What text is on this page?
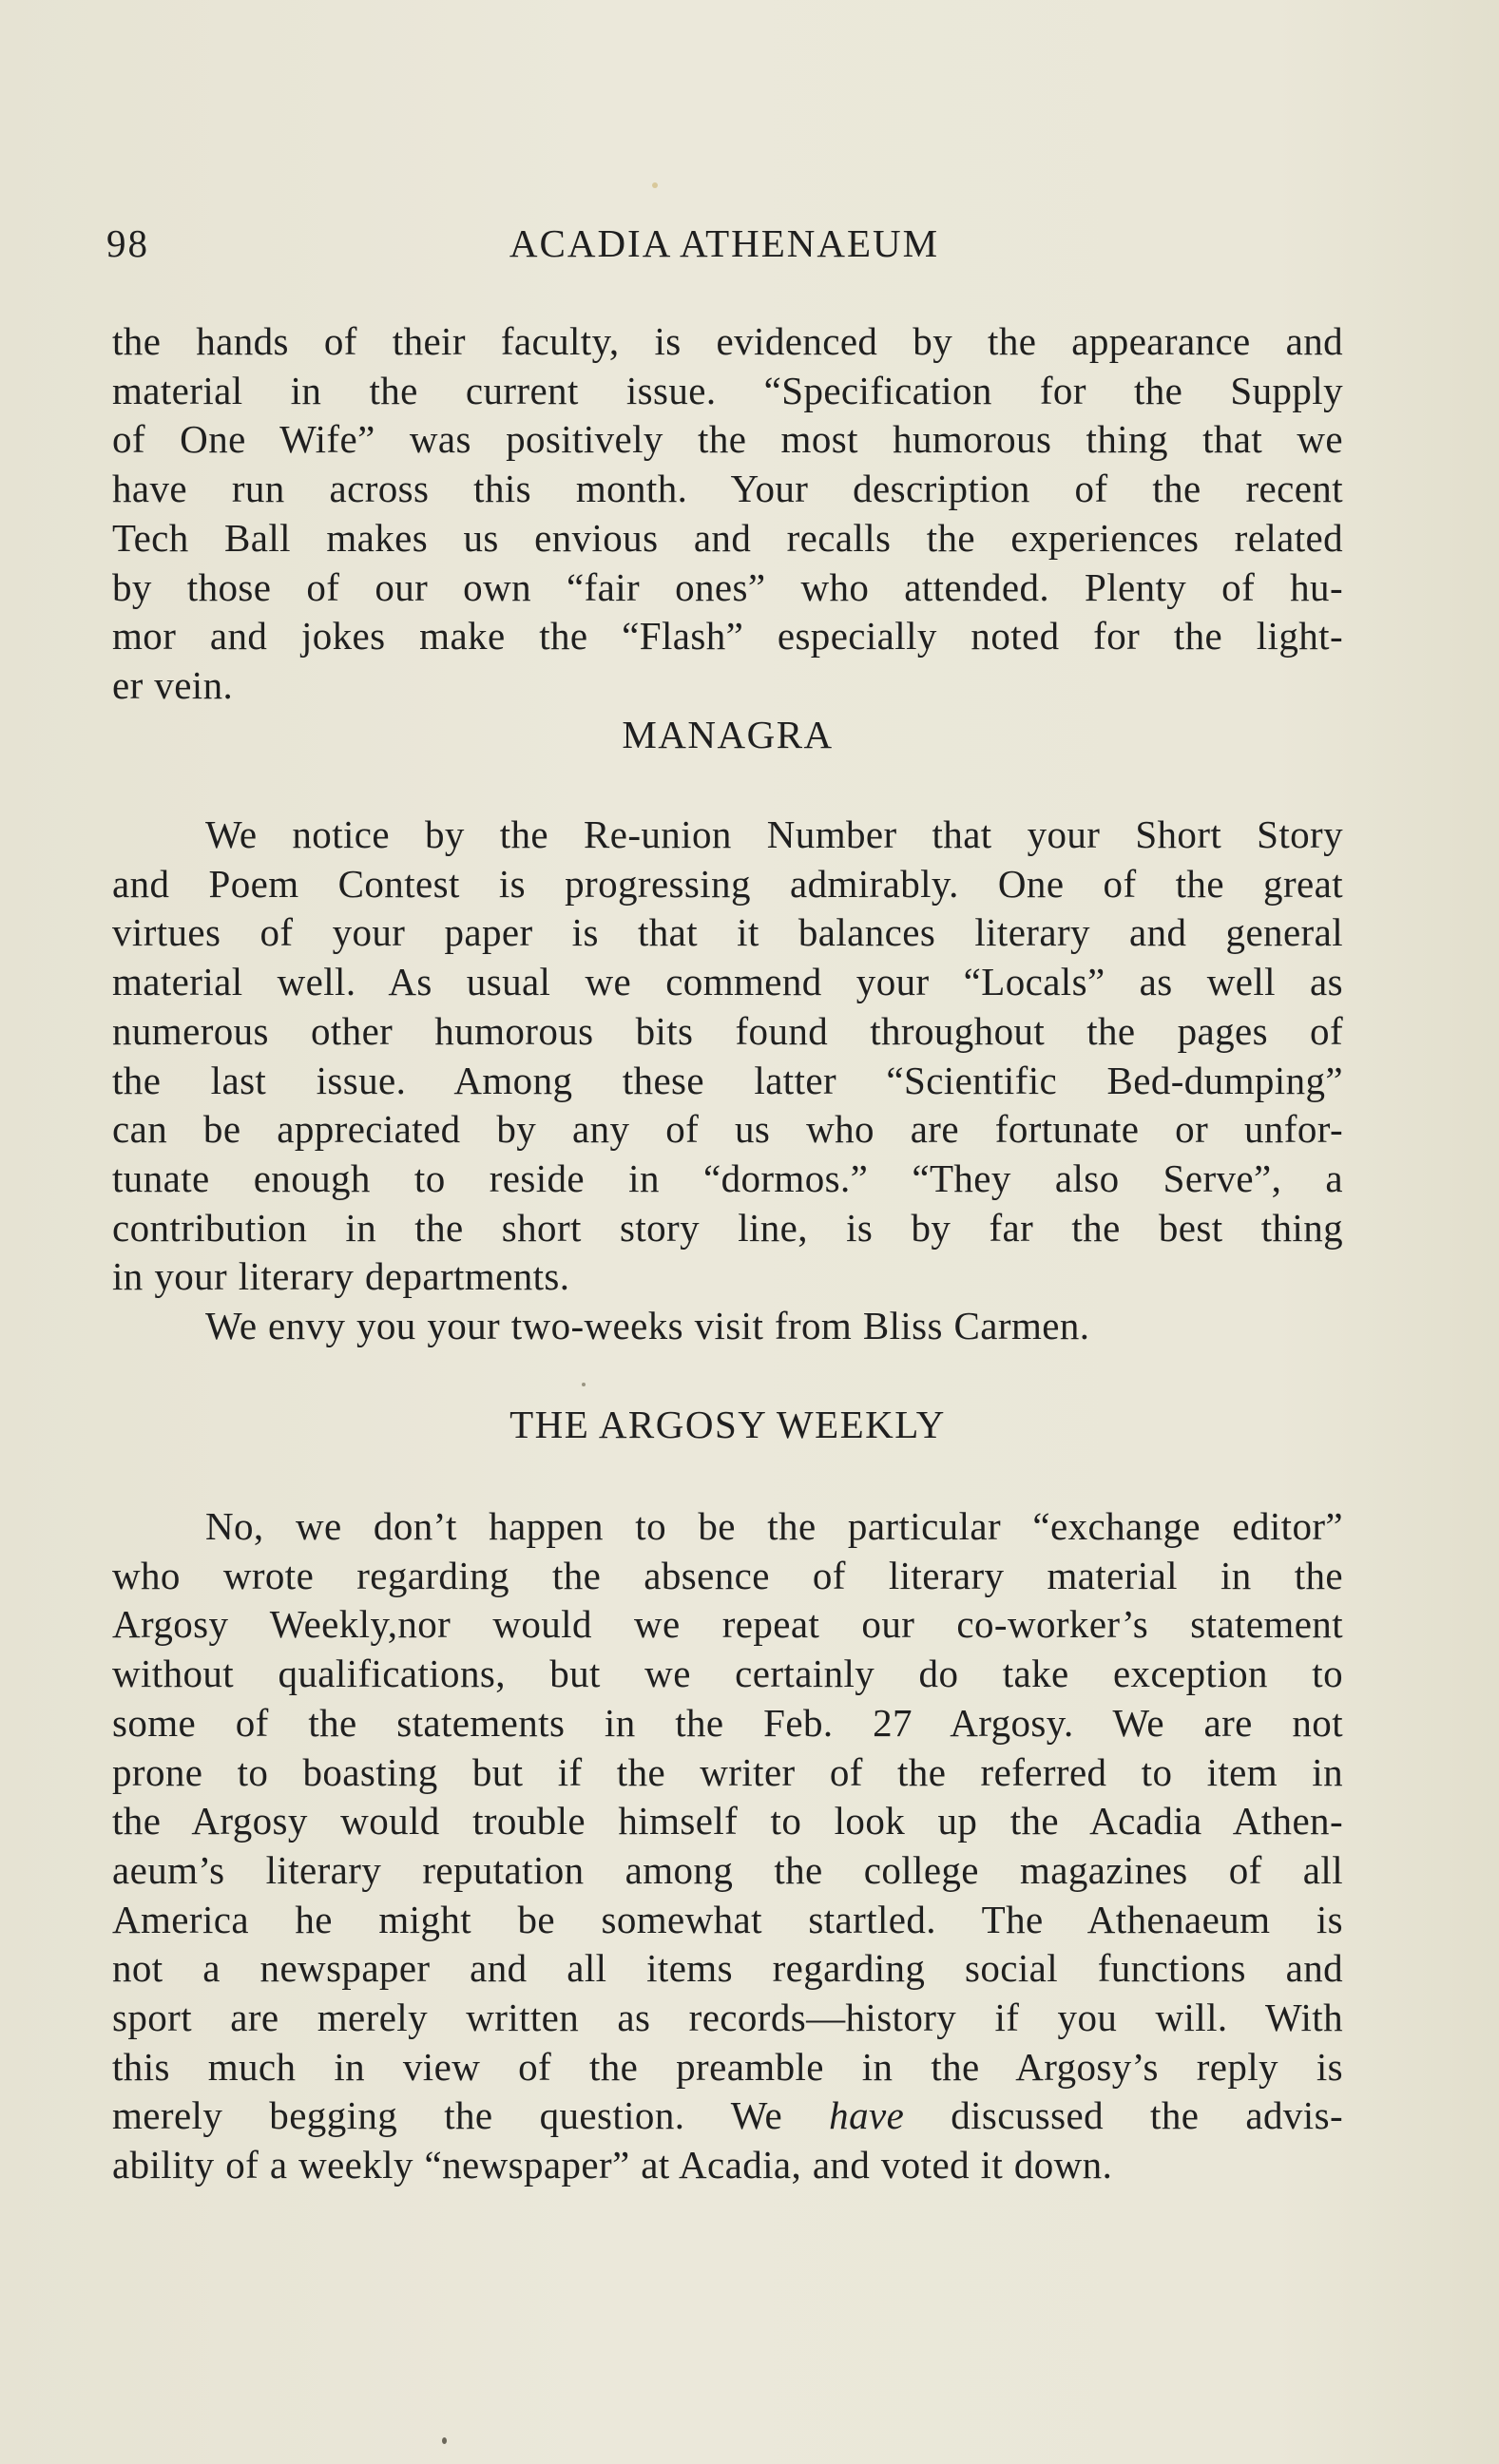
98	ACADIA ATHENAEUM
the hands of their faculty, is evidenced by the appearance and
material in the current issue. “Specification for the Supply
of One Wife” was positively the most humorous thing that we
have run across this month. Your description of the recent
Tech Ball makes us envious and recalls the experiences related
by those of our own “fair ones” who attended. Plenty of hu-
mor and jokes make the “Flash” especially noted for the light-
er vein.
MANAGRA
We notice by the Re-union Number that your Short Story
and Poem Contest is progressing admirably. One of the great
virtues of your paper is that it balances literary and general
material well. As usual we commend your “Locals” as well as
numerous other humorous bits found throughout the pages of
the last issue. Among these latter “Scientific Bed-dumping”
can be appreciated by any of us who are fortunate or unfor-
tunate enough to reside in “dormos.” “They also Serve”, a
contribution in the short story line, is by far the best thing
in your literary departments.
We envy you your two-weeks visit from Bliss Carmen.
THE ARGOSY WEEKLY
No, we don’t happen to be the particular “exchange editor”
who wrote regarding the absence of literary material in the
Argosy Weekly,nor would we repeat our co-worker’s statement
without qualifications, but we certainly do take exception to
some of the statements in the Feb. 27 Argosy. We are not
prone to boasting but if the writer of the referred to item in
the Argosy would trouble himself to look up the Acadia Athen-
aeum’s literary reputation among the college magazines of all
America he might be somewhat startled. The Athenaeum is
not a newspaper and all items regarding social functions and
sport are merely written as records—history if you will. With
this much in view of the preamble in the Argosy’s reply is
merely begging the question. We have discussed the advis-
ability of a weekly “newspaper” at Acadia, and voted it down.
